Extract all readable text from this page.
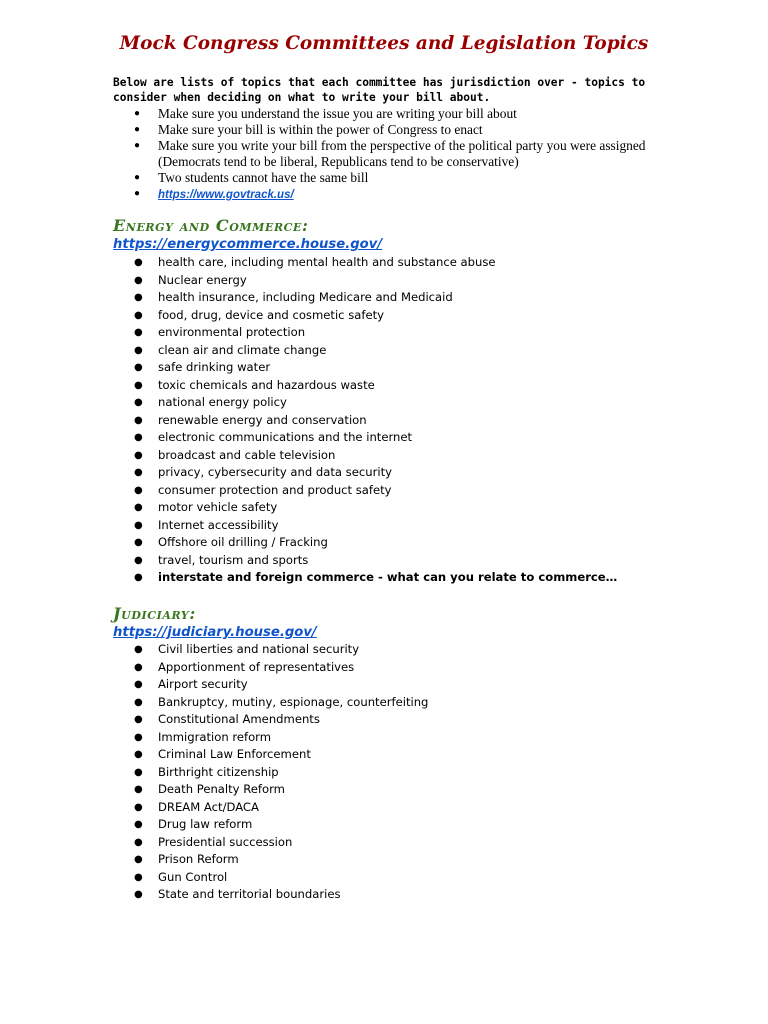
Mock Congress Committees and Legislation Topics

Below are lists of topics that each committee has jurisdiction over - topics to consider when deciding on what to write your bill about.

● Make sure you understand the issue you are writing your bill about
● Make sure your bill is within the power of Congress to enact
● Make sure you write your bill from the perspective of the political party you were assigned (Democrats tend to be liberal, Republicans tend to be conservative)
● Two students cannot have the same bill
● https://www.govtrack.us/
Energy and Commerce:
https://energycommerce.house.gov/
● health care, including mental health and substance abuse
● Nuclear energy
● health insurance, including Medicare and Medicaid
● food, drug, device and cosmetic safety
● environmental protection
● clean air and climate change
● safe drinking water
● toxic chemicals and hazardous waste
● national energy policy
● renewable energy and conservation
● electronic communications and the internet
● broadcast and cable television
● privacy, cybersecurity and data security
● consumer protection and product safety
● motor vehicle safety
● Internet accessibility
● Offshore oil drilling / Fracking
● travel, tourism and sports
● interstate and foreign commerce - what can you relate to commerce…
Judiciary:
https://judiciary.house.gov/
● Civil liberties and national security
● Apportionment of representatives
● Airport security
● Bankruptcy, mutiny, espionage, counterfeiting
● Constitutional Amendments
● Immigration reform
● Criminal Law Enforcement
● Birthright citizenship
● Death Penalty Reform
● DREAM Act/DACA
● Drug law reform
● Presidential succession
● Prison Reform
● Gun Control
● State and territorial boundaries
